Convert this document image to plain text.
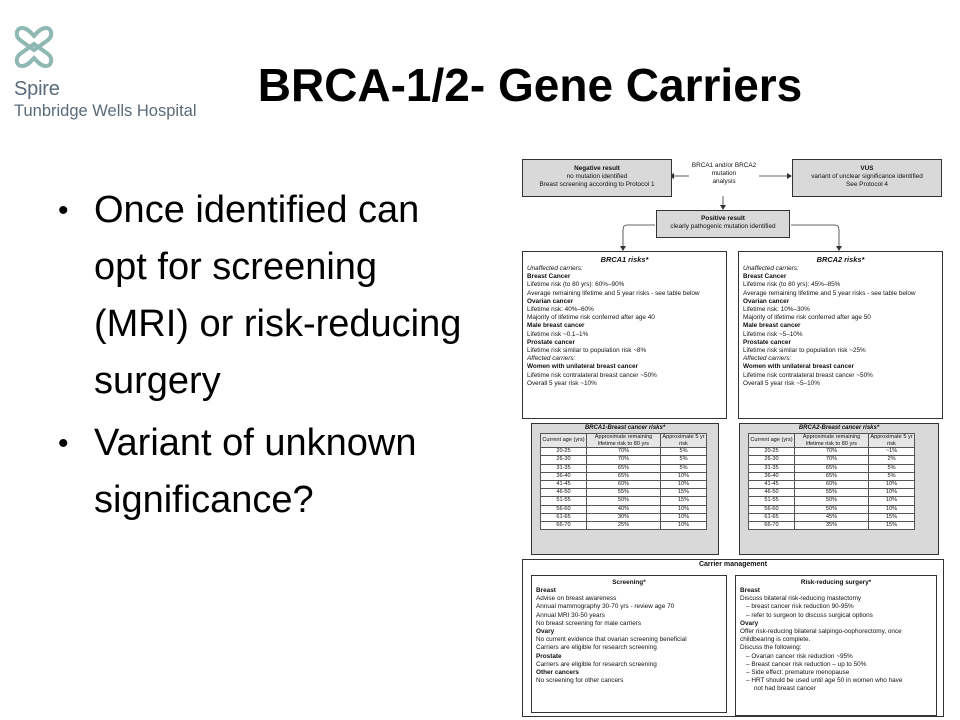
Spire
Tunbridge Wells Hospital	BRCA-1/2- Gene Carriers
• Once identified can opt for screening (MRI) or risk-reducing surgery
• Variant of unknown significance?
Negative result
no mutation identified
Breast screening according to Protocol 1
BRCA1 and/or BRCA2
mutation
analysis
VUS
variant of unclear significance identified
See Protocol 4
Positive result
clearly pathogenic mutation identified
BRCA1 risks*
Unaffected carriers:
Breast Cancer
Lifetime risk (to 80 yrs): 60%–90%
Average remaining lifetime and 5 year risks - see table below
Ovarian cancer
Lifetime risk: 40%–60%
Majority of lifetime risk conferred after age 40
Male breast cancer
Lifetime risk ~0.1–1%
Prostate cancer
Lifetime risk similar to population risk ~8%
Affected carriers:
Women with unilateral breast cancer
Lifetime risk contralateral breast cancer ~50%
Overall 5 year risk ~10%
BRCA2 risks*
Unaffected carriers:
Breast Cancer
Lifetime risk (to 80 yrs): 45%–85%
Average remaining lifetime and 5 year risks - see table below
Ovarian cancer
Lifetime risk: 10%–30%
Majority of lifetime risk conferred after age 50
Male breast cancer
Lifetime risk ~5–10%
Prostate cancer
Lifetime risk similar to population risk ~25%
Affected carriers:
Women with unilateral breast cancer
Lifetime risk contralateral breast cancer ~50%
Overall 5 year risk ~5–10%
BRCA1-Breast cancer risks*
Current age (yrs)	Approximate remaining lifetime risk to 80 yrs	Approximate 5 yr risk
20-25	70%	5%
26-30	70%	5%
31-35	65%	5%
36-40	65%	10%
41-45	60%	10%
46-50	55%	15%
51-55	50%	15%
56-60	40%	10%
61-65	30%	10%
66-70	25%	10%
BRCA2-Breast cancer risks*
Current age (yrs)	Approximate remaining lifetime risk to 80 yrs	Approximate 5 yr risk
20-25	70%	~1%
26-30	70%	2%
31-35	65%	5%
36-40	65%	5%
41-45	60%	10%
46-50	55%	10%
51-55	50%	10%
56-60	50%	10%
61-65	45%	15%
66-70	35%	15%
Carrier management
Screening*
Breast
Advise on breast awareness
Annual mammography 30-70 yrs - review age 70
Annual MRI 30-50 years
No breast screening for male carriers
Ovary
No current evidence that ovarian screening beneficial
Carriers are eligible for research screening
Prostate
Carriers are eligible for research screening
Other cancers
No screening for other cancers
Risk-reducing surgery*
Breast
Discuss bilateral risk-reducing mastectomy
– breast cancer risk reduction 90-95%
– refer to surgeon to discuss surgical options
Ovary
Offer risk-reducing bilateral salpingo-oophorectomy, once
childbearing is complete.
Discuss the following:
– Ovarian cancer risk reduction ~95%
– Breast cancer risk reduction – up to 50%
– Side effect: premature menopause
– HRT should be used until age 50 in women who have
not had breast cancer
